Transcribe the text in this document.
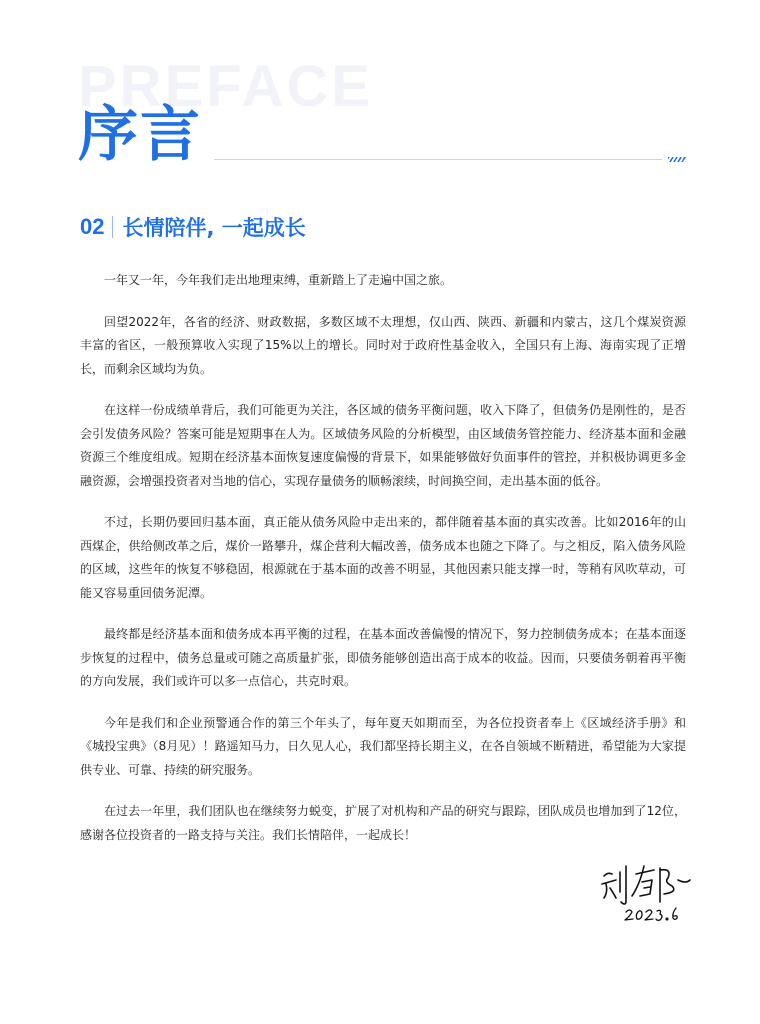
PREFACE
序言
02 长情陪伴, 一起成长

一年又一年，今年我们走出地理束缚，重新踏上了走遍中国之旅。

回望2022年，各省的经济、财政数据，多数区域不太理想，仅山西、陕西、新疆和内蒙古，这几个煤炭资源丰富的省区，一般预算收入实现了15%以上的增长。同时对于政府性基金收入，全国只有上海、海南实现了正增长，而剩余区域均为负。

在这样一份成绩单背后，我们可能更为关注，各区域的债务平衡问题，收入下降了，但债务仍是刚性的，是否会引发债务风险？答案可能是短期事在人为。区域债务风险的分析模型，由区域债务管控能力、经济基本面和金融资源三个维度组成。短期在经济基本面恢复速度偏慢的背景下，如果能够做好负面事件的管控，并积极协调更多金融资源，会增强投资者对当地的信心，实现存量债务的顺畅滚续，时间换空间，走出基本面的低谷。

不过，长期仍要回归基本面，真正能从债务风险中走出来的，都伴随着基本面的真实改善。比如2016年的山西煤企，供给侧改革之后，煤价一路攀升，煤企营利大幅改善，债务成本也随之下降了。与之相反，陷入债务风险的区域，这些年的恢复不够稳固，根源就在于基本面的改善不明显，其他因素只能支撑一时，等稍有风吹草动，可能又容易重回债务泥潭。

最终都是经济基本面和债务成本再平衡的过程，在基本面改善偏慢的情况下，努力控制债务成本；在基本面逐步恢复的过程中，债务总量或可随之高质量扩张，即债务能够创造出高于成本的收益。因而，只要债务朝着再平衡的方向发展，我们或许可以多一点信心，共克时艰。

今年是我们和企业预警通合作的第三个年头了，每年夏天如期而至，为各位投资者奉上《区域经济手册》和《城投宝典》（8月见）！路遥知马力，日久见人心，我们都坚持长期主义，在各自领域不断精进，希望能为大家提供专业、可靠、持续的研究服务。

在过去一年里，我们团队也在继续努力蜕变，扩展了对机构和产品的研究与跟踪，团队成员也增加到了12位，感谢各位投资者的一路支持与关注。我们长情陪伴，一起成长！
